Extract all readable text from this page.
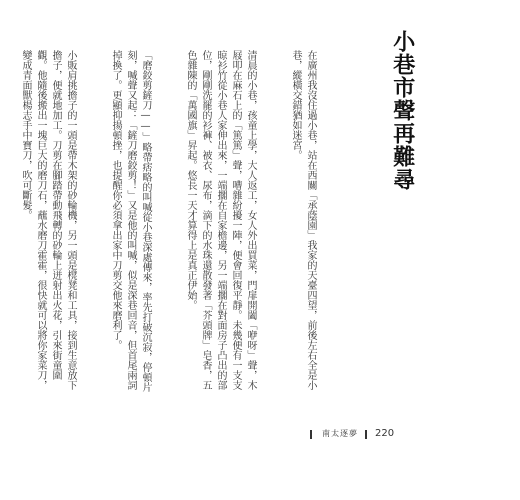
小巷市聲再難尋

在廣州我沒住過小巷，站在西關「承蔭園」我家的天臺四望，前後左右全是小巷，縱橫交錯猶如迷宮。

清晨的小巷，孩童上學，大人返工，女人外出買菜，門扉開闔「咿呀」聲，木屐叩在麻石上的「篤篤」聲，嘈雜紛擾一陣，便會回復平靜。未幾便有一支支晾衫竹從小巷人家伸出來，一端擱在自家檐邊，另一端擱在對面房子凸出的部位，剛剛洗罷的衫褲、被衣、尿布，滴下的水珠還散發著「芥頭牌」皂香，五色雜陳的「萬國旗」昇起。悠長一天才算得上是真正伊始。

「磨鉸剪鏟刀——」略帶痞略的叫喊從小巷深處傳來，率先打破沉寂，停頓片刻，喊聲又起：「鏟刀磨鉸剪！」又是他的叫喊，似是深巷回音，但首尾兩詞掉換了。更顯抑揚頓挫，也提醒你必須拿出家中刀剪交他來磨利了。

小販肩挑擔子的一頭是帶木架的砂輪機，另一頭是櫈凳和工具，接到生意放下擔子，便就地加工。刀剪在腳踏帶動飛轉的砂輪上迸射出火花，引來街童圍觀。他隨後搬出一塊巨大的磨刀石，蘸水磨刀霍霍，很快就可以將你家菜刀，變成青面獸楊志手中寶刀，吹可斷髮。

南太逐夢 220
